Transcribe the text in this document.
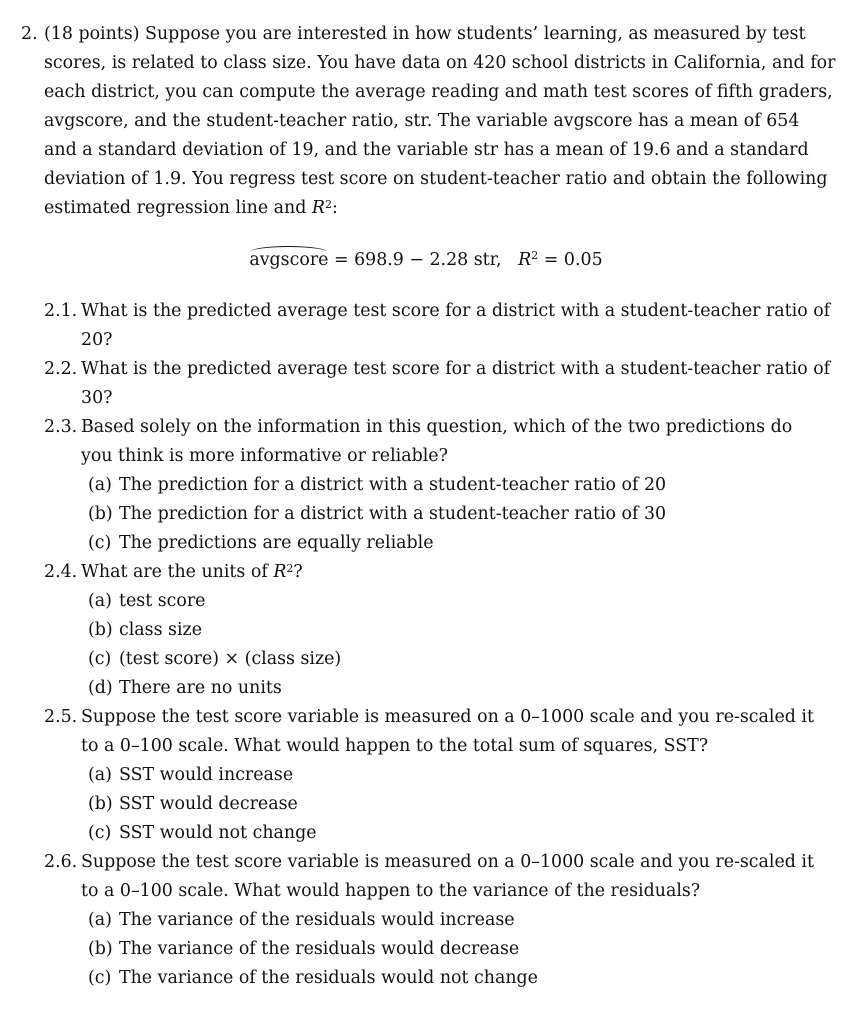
2. (18 points) Suppose you are interested in how students’ learning, as measured by test
scores, is related to class size. You have data on 420 school districts in California, and for
each district, you can compute the average reading and math test scores of fifth graders,
avgscore, and the student-teacher ratio, str. The variable avgscore has a mean of 654
and a standard deviation of 19, and the variable str has a mean of 19.6 and a standard
deviation of 1.9. You regress test score on student-teacher ratio and obtain the following
estimated regression line and $R^2$:
avgscore = 698.9 − 2.28 str, $R^2 = 0.05$
2.1. What is the predicted average test score for a district with a student-teacher ratio of
20?
2.2. What is the predicted average test score for a district with a student-teacher ratio of
30?
2.3. Based solely on the information in this question, which of the two predictions do
you think is more informative or reliable?
(a) The prediction for a district with a student-teacher ratio of 20
(b) The prediction for a district with a student-teacher ratio of 30
(c) The predictions are equally reliable
2.4. What are the units of $R^2$?
(a) test score
(b) class size
(c) (test score) × (class size)
(d) There are no units
2.5. Suppose the test score variable is measured on a 0–1000 scale and you re-scaled it
to a 0–100 scale. What would happen to the total sum of squares, SST?
(a) SST would increase
(b) SST would decrease
(c) SST would not change
2.6. Suppose the test score variable is measured on a 0–1000 scale and you re-scaled it
to a 0–100 scale. What would happen to the variance of the residuals?
(a) The variance of the residuals would increase
(b) The variance of the residuals would decrease
(c) The variance of the residuals would not change
